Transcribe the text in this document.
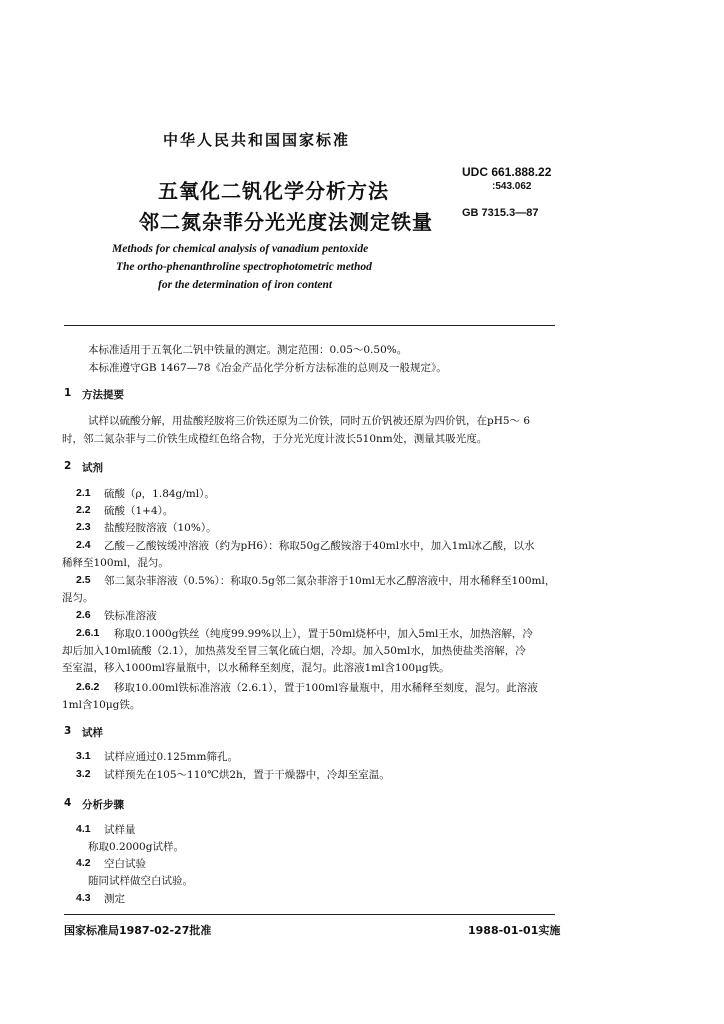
中华人民共和国国家标准
五氧化二钒化学分析方法
邻二氮杂菲分光光度法测定铁量
UDC 661.888.22
:543.062
GB 7315.3—87
Methods for chemical analysis of vanadium pentoxide
The ortho-phenanthroline spectrophotometric method
for the determination of iron content
本标准适用于五氧化二钒中铁量的测定。测定范围：0.05～0.50%。
本标准遵守GB 1467—78《冶金产品化学分析方法标准的总则及一般规定》。
1 方法提要
试样以硫酸分解，用盐酸羟胺将三价铁还原为二价铁，同时五价钒被还原为四价钒，在pH5～ 6
时，邻二氮杂菲与二价铁生成橙红色络合物，于分光光度计波长510nm处，测量其吸光度。
2 试剂
2.1 硫酸（ρ，1.84g/ml）。
2.2 硫酸（1+4）。
2.3 盐酸羟胺溶液（10%）。
2.4 乙酸－乙酸铵缓冲溶液（约为pH6）：称取50g乙酸铵溶于40ml水中，加入1ml冰乙酸，以水
稀释至100ml，混匀。
2.5 邻二氮杂菲溶液（0.5%）：称取0.5g邻二氮杂菲溶于10ml无水乙醇溶液中，用水稀释至100ml，
混匀。
2.6 铁标准溶液
2.6.1 称取0.1000g铁丝（纯度99.99%以上），置于50ml烧杯中，加入5ml王水，加热溶解，冷
却后加入10ml硫酸（2.1），加热蒸发至冒三氧化硫白烟，冷却。加入50ml水，加热使盐类溶解，冷
至室温，移入1000ml容量瓶中，以水稀释至刻度，混匀。此溶液1ml含100μg铁。
2.6.2 移取10.00ml铁标准溶液（2.6.1），置于100ml容量瓶中，用水稀释至刻度，混匀。此溶液
1ml含10μg铁。
3 试样
3.1 试样应通过0.125mm筛孔。
3.2 试样预先在105～110℃烘2h，置于干燥器中，冷却至室温。
4 分析步骤
4.1 试样量
称取0.2000g试样。
4.2 空白试验
随同试样做空白试验。
4.3 测定
国家标准局1987-02-27批准	1988-01-01实施
